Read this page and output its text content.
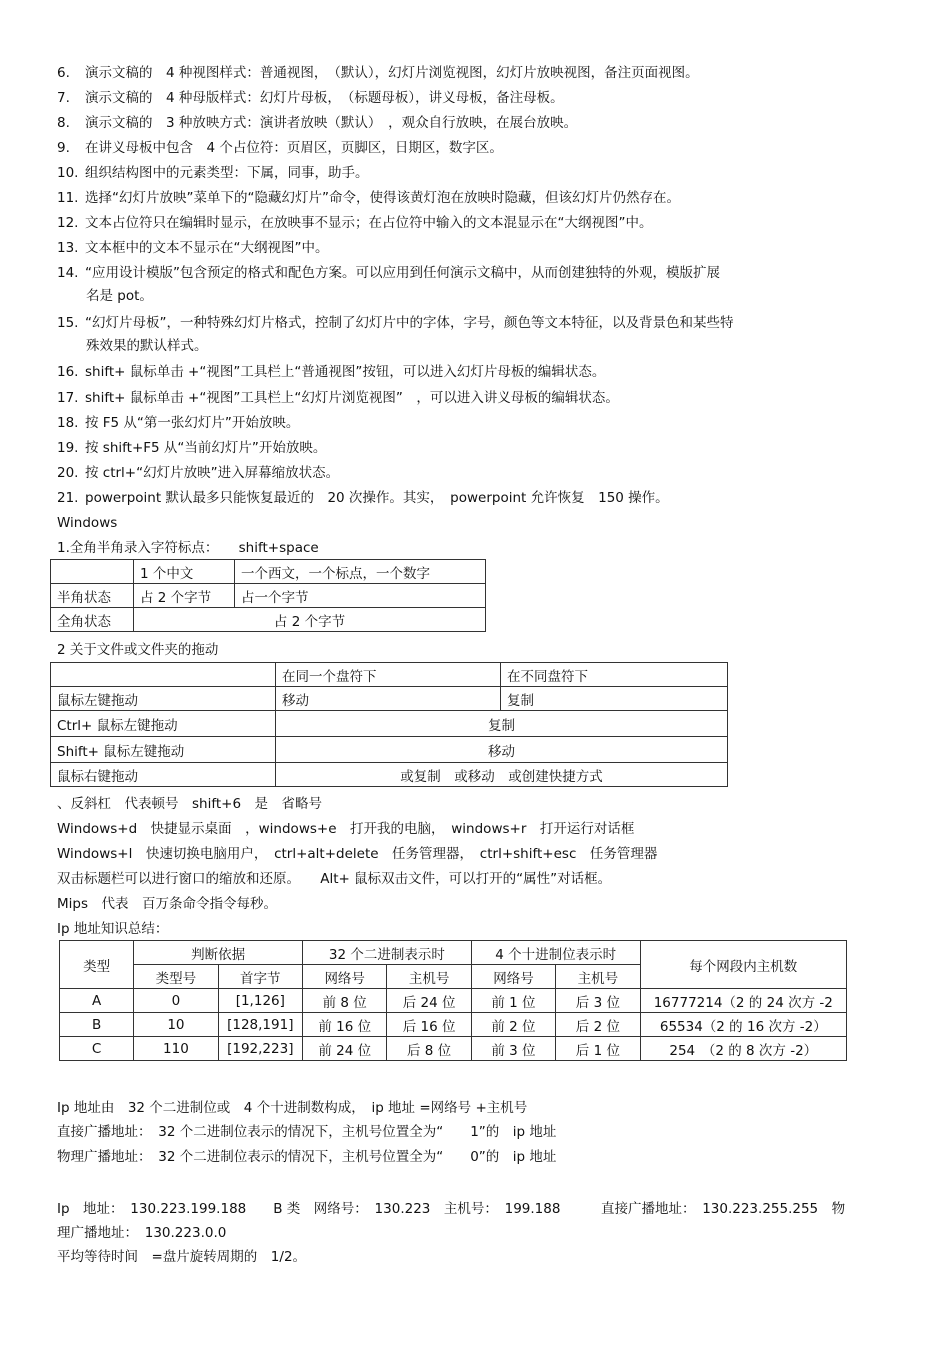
6. 演示文稿的　4 种视图样式：普通视图，　（默认），幻灯片浏览视图，幻灯片放映视图，备注页面视图。
7. 演示文稿的　4 种母版样式：幻灯片母板，　（标题母板），讲义母板，备注母板。
8. 演示文稿的　3 种放映方式：演讲者放映（默认）　，观众自行放映，在展台放映。
9. 在讲义母板中包含　4 个占位符：页眉区，页脚区，日期区，数字区。
10. 组织结构图中的元素类型：下属，同事，助手。
11. 选择“幻灯片放映”菜单下的“隐藏幻灯片”命令，使得该黄灯泡在放映时隐藏，但该幻灯片仍然存在。
12. 文本占位符只在编辑时显示，在放映事不显示；在占位符中输入的文本混显示在“大纲视图”中。
13. 文本框中的文本不显示在“大纲视图”中。
14. “应用设计模版”包含预定的格式和配色方案。可以应用到任何演示文稿中，从而创建独特的外观，模版扩展
名是 pot。
15. “幻灯片母板”，一种特殊幻灯片格式，控制了幻灯片中的字体，字号，颜色等文本特征，以及背景色和某些特
殊效果的默认样式。
16. shift+ 鼠标单击 +“视图”工具栏上“普通视图”按钮，可以进入幻灯片母板的编辑状态。
17. shift+ 鼠标单击 +“视图”工具栏上“幻灯片浏览视图”　，可以进入讲义母板的编辑状态。
18. 按 F5 从“第一张幻灯片”开始放映。
19. 按 shift+F5 从“当前幻灯片”开始放映。
20. 按 ctrl+“幻灯片放映”进入屏幕缩放状态。
21. powerpoint 默认最多只能恢复最近的　20 次操作。其实，　powerpoint 允许恢复　150 操作。
Windows
1.全角半角录入字符标点：　　shift+space
	1 个中文	一个西文，一个标点，一个数字
半角状态	占 2 个字节	占一个字节
全角状态	占 2 个字节	
2 关于文件或文件夹的拖动
	在同一个盘符下	在不同盘符下
鼠标左键拖动	移动	复制
Ctrl+ 鼠标左键拖动	复制	
Shift+ 鼠标左键拖动	移动	
鼠标右键拖动	或复制　或移动　或创建快捷方式	
、反斜杠　代表顿号　shift+6　是　省略号
Windows+d　快捷显示桌面　，windows+e　打开我的电脑，　windows+r　打开运行对话框
Windows+l　快速切换电脑用户，　ctrl+alt+delete　任务管理器，　ctrl+shift+esc　任务管理器
双击标题栏可以进行窗口的缩放和还原。　　Alt+ 鼠标双击文件，可以打开的“属性”对话框。
Mips　代表　百万条命令指令每秒。
Ip 地址知识总结：
类型	判断依据		32 个二进制表示时		4 个十进制位表示时		每个网段内主机数
	类型号	首字节	网络号	主机号	网络号	主机号	
A	0	[1,126]	前 8 位	后 24 位	前 1 位	后 3 位	16777214（2 的 24 次方 -2
B	10	[128,191]	前 16 位	后 16 位	前 2 位	后 2 位	65534（2 的 16 次方 -2）
C	110	[192,223]	前 24 位	后 8 位	前 3 位	后 1 位	254　（2 的 8 次方 -2）
Ip 地址由　32 个二进制位或　4 个十进制数构成，　ip 地址 =网络号 +主机号
直接广播地址：　32 个二进制位表示的情况下，主机号位置全为“　　1”的　ip 地址
物理广播地址：　32 个二进制位表示的情况下，主机号位置全为“　　0”的　ip 地址
Ip　地址：　130.223.199.188　　B 类　网络号：　130.223　主机号：　199.188　　　直接广播地址：　130.223.255.255　物
理广播地址：　130.223.0.0
平均等待时间　=盘片旋转周期的　1/2。
